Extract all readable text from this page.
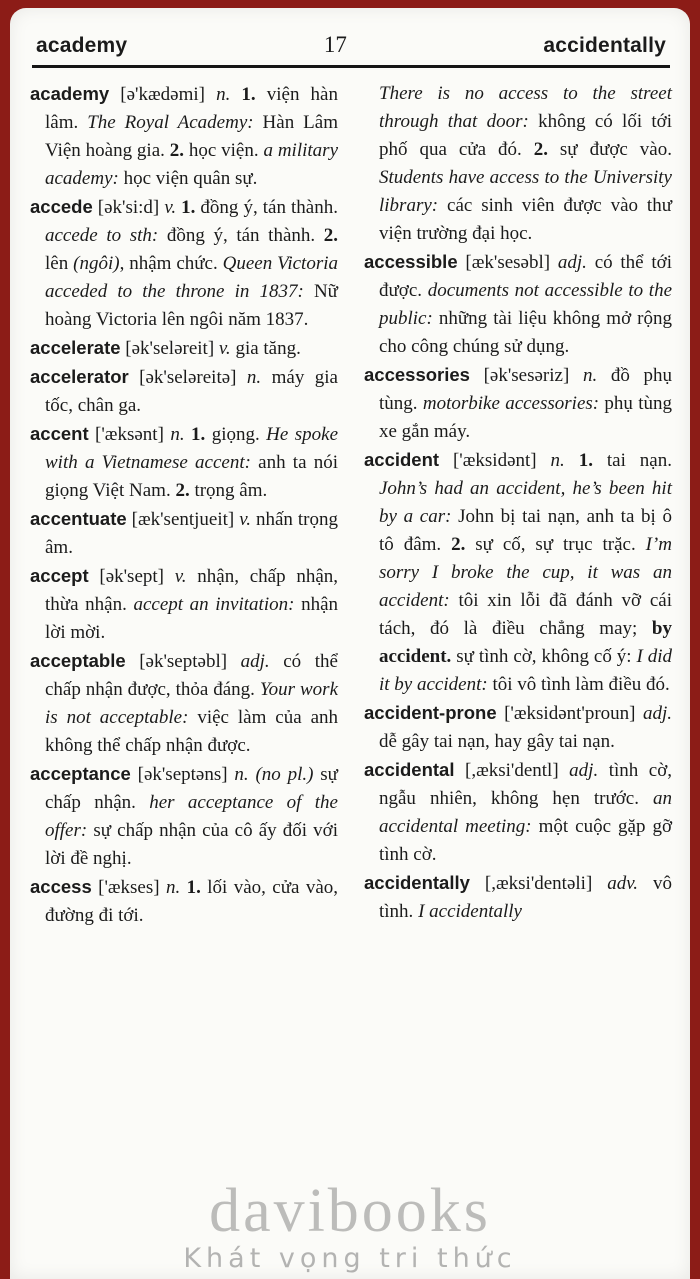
academy	17	accidentally

academy [ə'kædəmi] n. 1. viện hàn lâm. The Royal Academy: Hàn Lâm Viện hoàng gia. 2. học viện. a military academy: học viện quân sự.

accede [ək'si:d] v. 1. đồng ý, tán thành. accede to sth: đồng ý, tán thành. 2. lên (ngôi), nhậm chức. Queen Victoria acceded to the throne in 1837: Nữ hoàng Victoria lên ngôi năm 1837.

accelerate [ək'seləreit] v. gia tăng.

accelerator [ək'seləreitə] n. máy gia tốc, chân ga.

accent ['æksənt] n. 1. giọng. He spoke with a Vietnamese accent: anh ta nói giọng Việt Nam. 2. trọng âm.

accentuate [æk'sentjueit] v. nhấn trọng âm.

accept [ək'sept] v. nhận, chấp nhận, thừa nhận. accept an invitation: nhận lời mời.

acceptable [ək'septəbl] adj. có thể chấp nhận được, thỏa đáng. Your work is not acceptable: việc làm của anh không thể chấp nhận được.

acceptance [ək'septəns] n. (no pl.) sự chấp nhận. her acceptance of the offer: sự chấp nhận của cô ấy đối với lời đề nghị.

access ['ækses] n. 1. lối vào, cửa vào, đường đi tới.

There is no access to the street through that door: không có lối tới phố qua cửa đó. 2. sự được vào. Students have access to the University library: các sinh viên được vào thư viện trường đại học.

accessible [æk'sesəbl] adj. có thể tới được. documents not accessible to the public: những tài liệu không mở rộng cho công chúng sử dụng.

accessories [ək'sesəriz] n. đồ phụ tùng. motorbike accessories: phụ tùng xe gắn máy.

accident ['æksidənt] n. 1. tai nạn. John’s had an accident, he’s been hit by a car: John bị tai nạn, anh ta bị ô tô đâm. 2. sự cố, sự trục trặc. I’m sorry I broke the cup, it was an accident: tôi xin lỗi đã đánh vỡ cái tách, đó là điều chẳng may; by accident. sự tình cờ, không cố ý: I did it by accident: tôi vô tình làm điều đó.

accident-prone ['æksidənt'proun] adj. dễ gây tai nạn, hay gây tai nạn.

accidental [,æksi'dentl] adj. tình cờ, ngẫu nhiên, không hẹn trước. an accidental meeting: một cuộc gặp gỡ tình cờ.

accidentally [,æksi'dentəli] adv. vô tình. I accidentally

davibooks
Khát vọng tri thức
